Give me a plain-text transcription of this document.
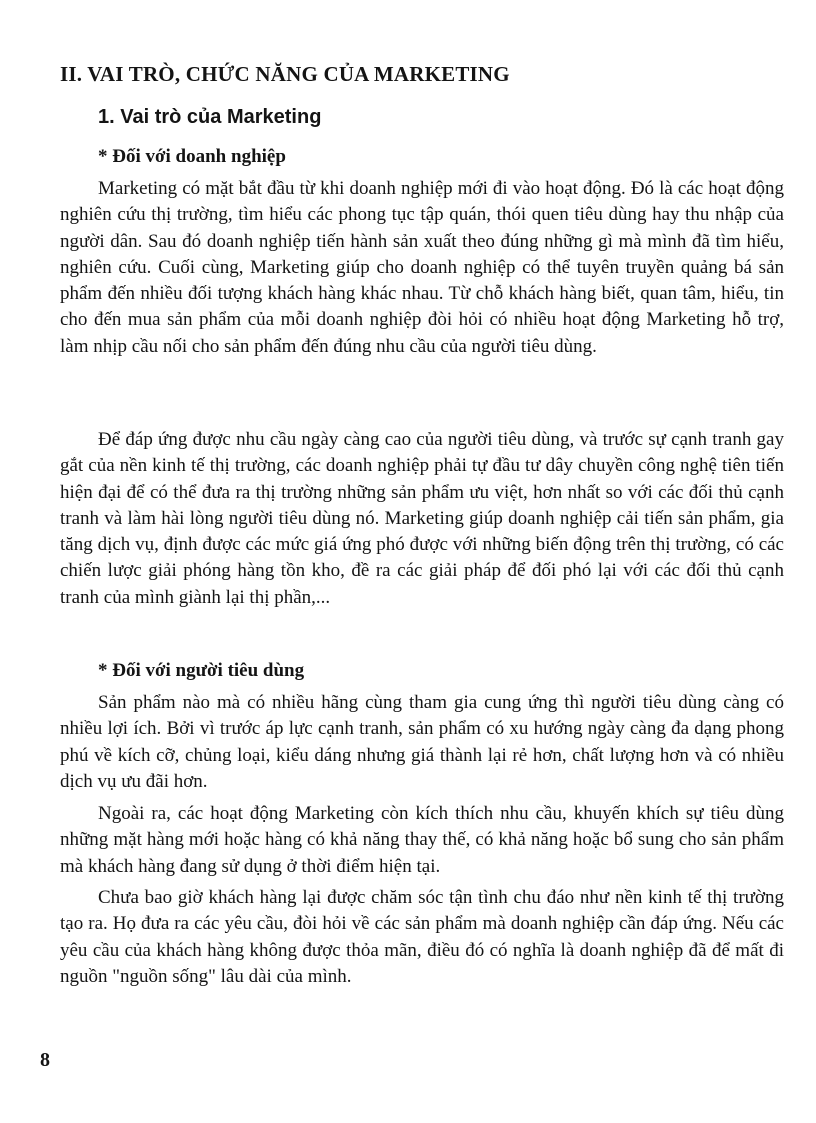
II. VAI TRÒ, CHỨC NĂNG CỦA MARKETING
1. Vai trò của Marketing
* Đối với doanh nghiệp
Marketing có mặt bắt đầu từ khi doanh nghiệp mới đi vào hoạt động. Đó là các hoạt động nghiên cứu thị trường, tìm hiểu các phong tục tập quán, thói quen tiêu dùng hay thu nhập của người dân. Sau đó doanh nghiệp tiến hành sản xuất theo đúng những gì mà mình đã tìm hiểu, nghiên cứu. Cuối cùng, Marketing giúp cho doanh nghiệp có thể tuyên truyền quảng bá sản phẩm đến nhiều đối tượng khách hàng khác nhau. Từ chỗ khách hàng biết, quan tâm, hiểu, tin cho đến mua sản phẩm của mỗi doanh nghiệp đòi hỏi có nhiều hoạt động Marketing hỗ trợ, làm nhịp cầu nối cho sản phẩm đến đúng nhu cầu của người tiêu dùng.
Để đáp ứng được nhu cầu ngày càng cao của người tiêu dùng, và trước sự cạnh tranh gay gắt của nền kinh tế thị trường, các doanh nghiệp phải tự đầu tư dây chuyền công nghệ tiên tiến hiện đại để có thể đưa ra thị trường những sản phẩm ưu việt, hơn nhất so với các đối thủ cạnh tranh và làm hài lòng người tiêu dùng nó. Marketing giúp doanh nghiệp cải tiến sản phẩm, gia tăng dịch vụ, định được các mức giá ứng phó được với những biến động trên thị trường, có các chiến lược giải phóng hàng tồn kho, đề ra các giải pháp để đối phó lại với các đối thủ cạnh tranh của mình giành lại thị phần,...
* Đối với người tiêu dùng
Sản phẩm nào mà có nhiều hãng cùng tham gia cung ứng thì người tiêu dùng càng có nhiều lợi ích. Bởi vì trước áp lực cạnh tranh, sản phẩm có xu hướng ngày càng đa dạng phong phú về kích cỡ, chủng loại, kiểu dáng nhưng giá thành lại rẻ hơn, chất lượng hơn và có nhiều dịch vụ ưu đãi hơn.
Ngoài ra, các hoạt động Marketing còn kích thích nhu cầu, khuyến khích sự tiêu dùng những mặt hàng mới hoặc hàng có khả năng thay thế, có khả năng hoặc bổ sung cho sản phẩm mà khách hàng đang sử dụng ở thời điểm hiện tại.
Chưa bao giờ khách hàng lại được chăm sóc tận tình chu đáo như nền kinh tế thị trường tạo ra. Họ đưa ra các yêu cầu, đòi hỏi về các sản phẩm mà doanh nghiệp cần đáp ứng. Nếu các yêu cầu của khách hàng không được thỏa mãn, điều đó có nghĩa là doanh nghiệp đã để mất đi nguồn "nguồn sống" lâu dài của mình.
8
